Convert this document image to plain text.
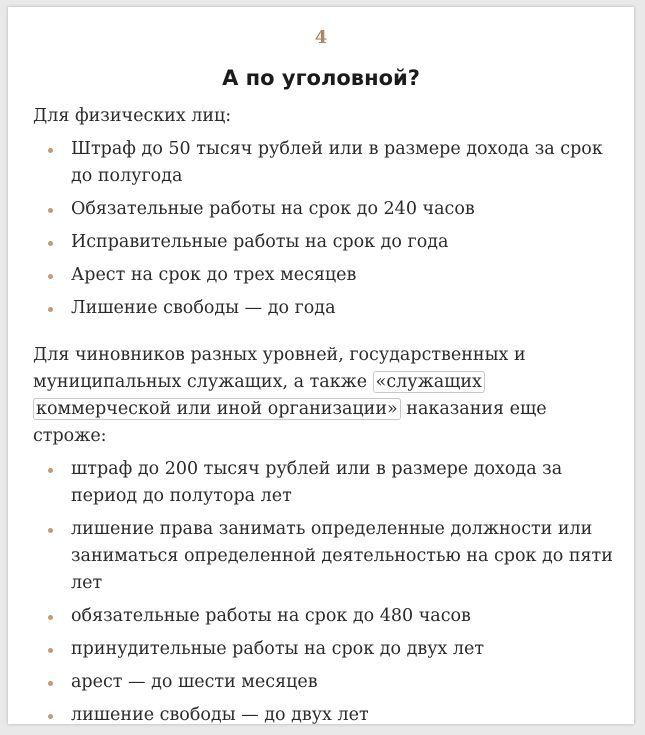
4
А по уголовной?

Для физических лиц:

Штраф до 50 тысяч рублей или в размере дохода за срок до полугода
Обязательные работы на срок до 240 часов
Исправительные работы на срок до года
Арест на срок до трех месяцев
Лишение свободы — до года

Для чиновников разных уровней, государственных и муниципальных служащих, а также «служащих коммерческой или иной организации» наказания еще строже:

штраф до 200 тысяч рублей или в размере дохода за период до полутора лет
лишение права занимать определенные должности или заниматься определенной деятельностью на срок до пяти лет
обязательные работы на срок до 480 часов
принудительные работы на срок до двух лет
арест — до шести месяцев
лишение свободы — до двух лет
